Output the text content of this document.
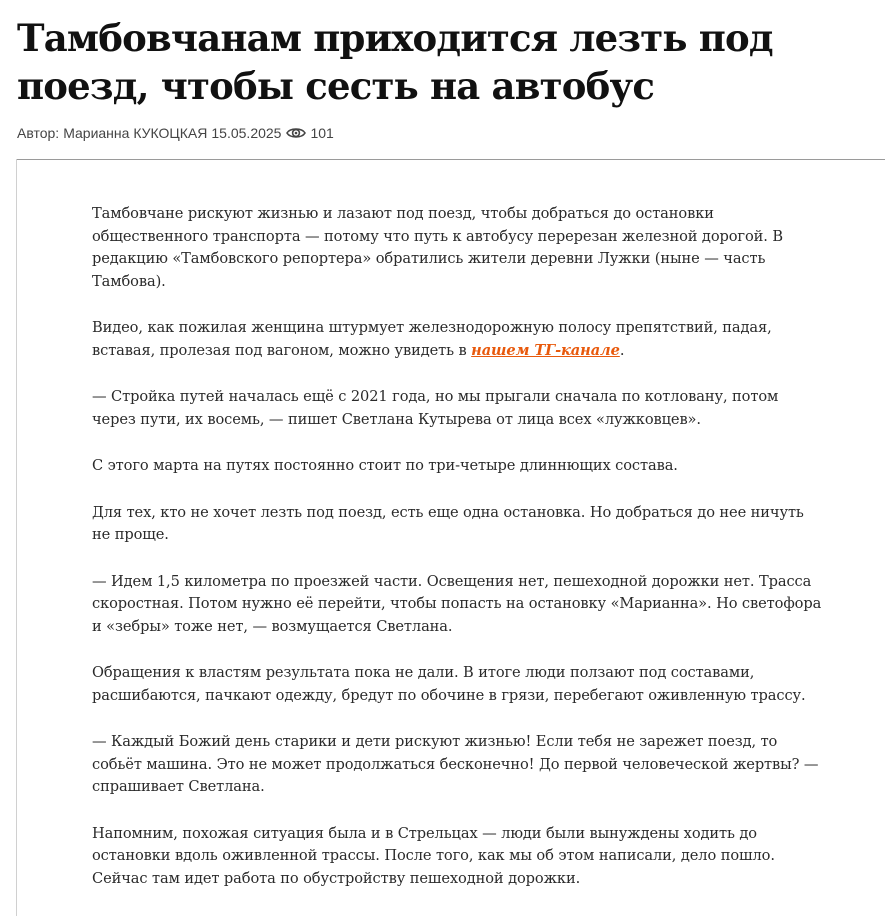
Тамбовчанам приходится лезть под поезд, чтобы сесть на автобус
Автор: Марианна КУКОЦКАЯ 15.05.2025 101

Тамбовчане рискуют жизнью и лазают под поезд, чтобы добраться до остановки общественного транспорта — потому что путь к автобусу перерезан железной дорогой. В редакцию «Тамбовского репортера» обратились жители деревни Лужки (ныне — часть Тамбова).

Видео, как пожилая женщина штурмует железнодорожную полосу препятствий, падая, вставая, пролезая под вагоном, можно увидеть в нашем ТГ-канале.

— Стройка путей началась ещё с 2021 года, но мы прыгали сначала по котловану, потом через пути, их восемь, — пишет Светлана Кутырева от лица всех «лужковцев».

С этого марта на путях постоянно стоит по три-четыре длиннющих состава.

Для тех, кто не хочет лезть под поезд, есть еще одна остановка. Но добраться до нее ничуть не проще.

— Идем 1,5 километра по проезжей части. Освещения нет, пешеходной дорожки нет. Трасса скоростная. Потом нужно её перейти, чтобы попасть на остановку «Марианна». Но светофора и «зебры» тоже нет, — возмущается Светлана.

Обращения к властям результата пока не дали. В итоге люди ползают под составами, расшибаются, пачкают одежду, бредут по обочине в грязи, перебегают оживленную трассу.

— Каждый Божий день старики и дети рискуют жизнью! Если тебя не зарежет поезд, то собьёт машина. Это не может продолжаться бесконечно! До первой человеческой жертвы? — спрашивает Светлана.

Напомним, похожая ситуация была и в Стрельцах — люди были вынуждены ходить до остановки вдоль оживленной трассы. После того, как мы об этом написали, дело пошло. Сейчас там идет работа по обустройству пешеходной дорожки.
